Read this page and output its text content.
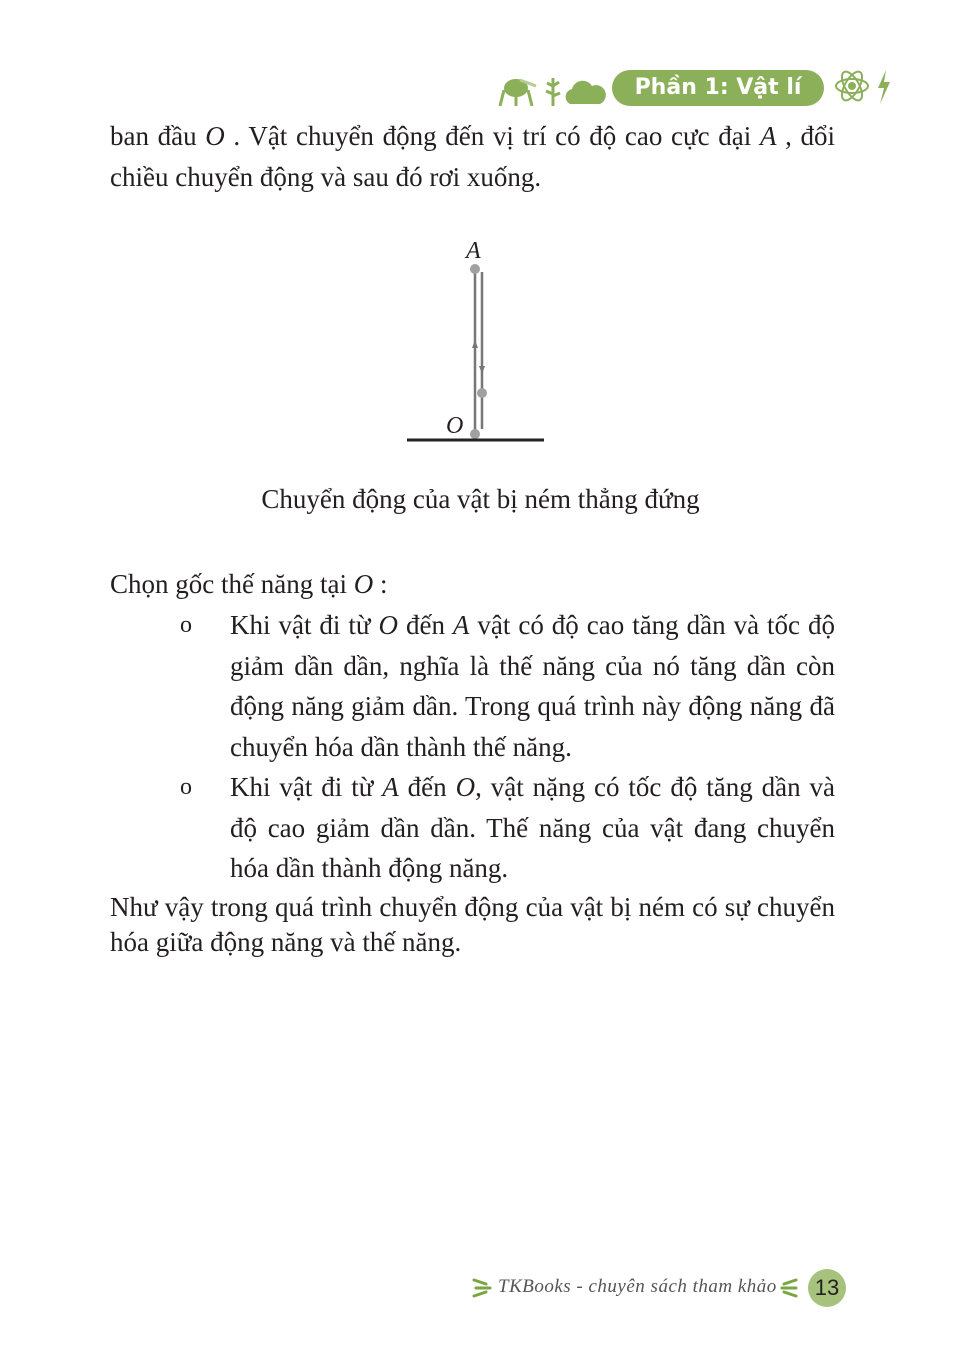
Phần 1: Vật lí

ban đầu O . Vật chuyển động đến vị trí có độ cao cực đại A , đổi chiều chuyển động và sau đó rơi xuống.

A
O
Chuyển động của vật bị ném thẳng đứng

Chọn gốc thế năng tại O :

o Khi vật đi từ O đến A vật có độ cao tăng dần và tốc độ giảm dần dần, nghĩa là thế năng của nó tăng dần còn động năng giảm dần. Trong quá trình này động năng đã chuyển hóa dần thành thế năng.

o Khi vật đi từ A đến O, vật nặng có tốc độ tăng dần và độ cao giảm dần dần. Thế năng của vật đang chuyển hóa dần thành động năng.

Như vậy trong quá trình chuyển động của vật bị ném có sự chuyển hóa giữa động năng và thế năng.

TKBooks - chuyên sách tham khảo	13
